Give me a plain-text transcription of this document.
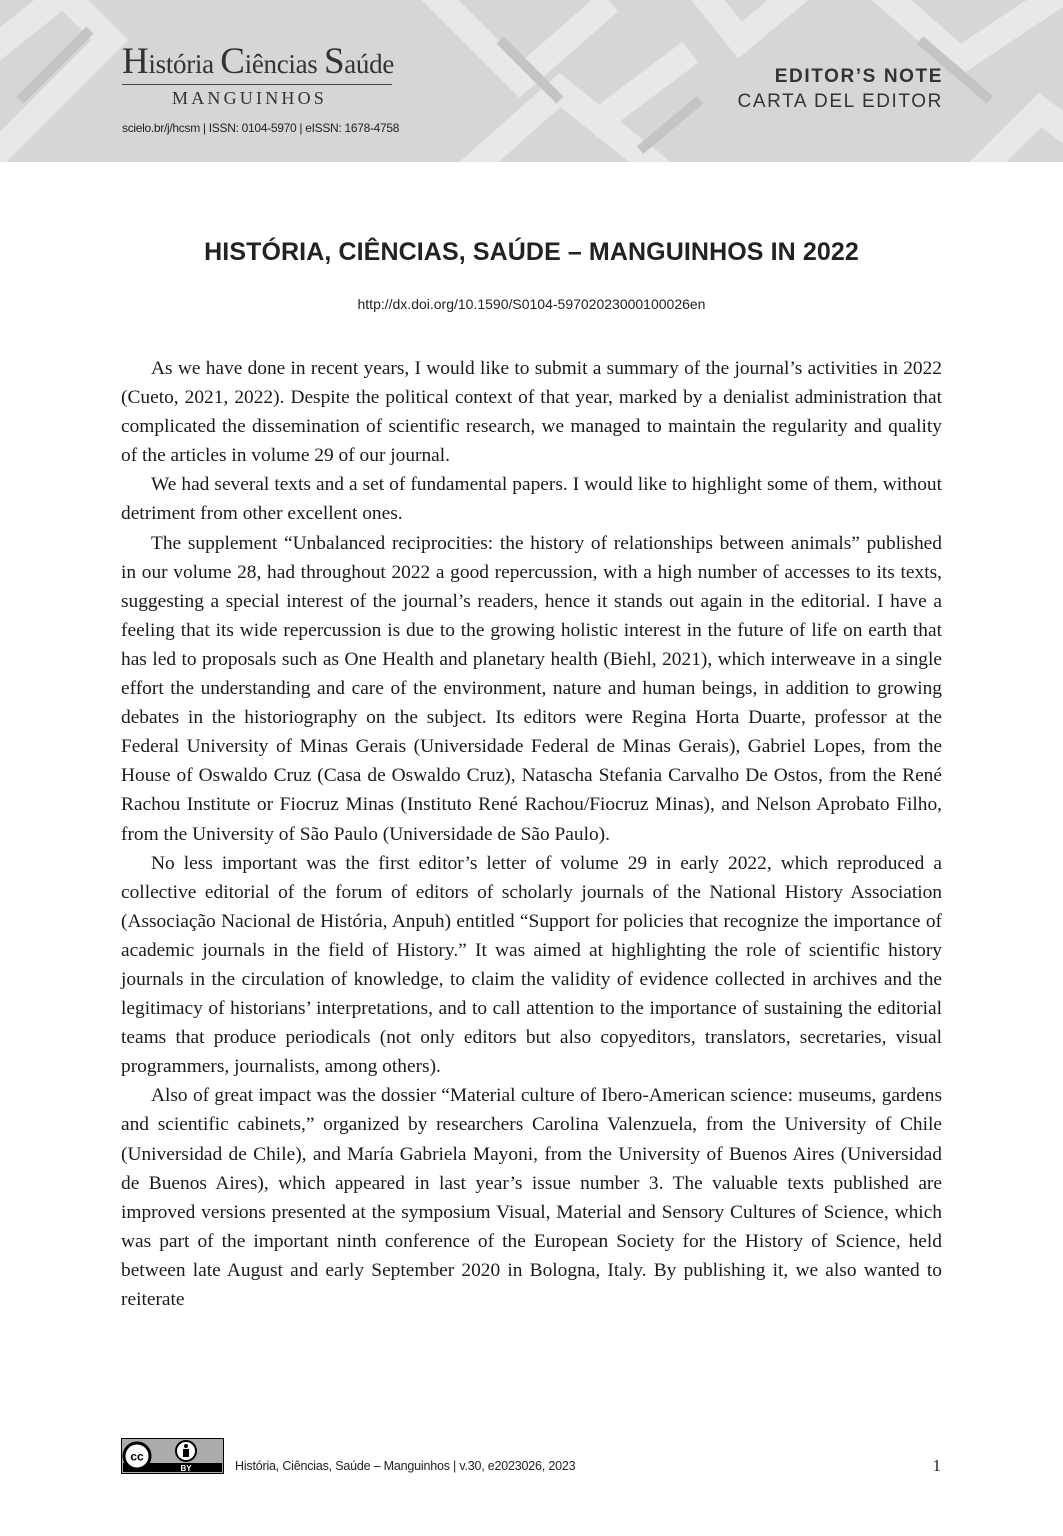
História Ciências Saúde
MANGUINHOS
scielo.br/j/hcsm | ISSN: 0104-5970 | eISSN: 1678-4758
EDITOR’S NOTE
CARTA DEL EDITOR
HISTÓRIA, CIÊNCIAS, SAÚDE – MANGUINHOS IN 2022
http://dx.doi.org/10.1590/S0104-59702023000100026en

As we have done in recent years, I would like to submit a summary of the journal’s activities in 2022 (Cueto, 2021, 2022). Despite the political context of that year, marked by a denialist administration that complicated the dissemination of scientific research, we managed to maintain the regularity and quality of the articles in volume 29 of our journal.

We had several texts and a set of fundamental papers. I would like to highlight some of them, without detriment from other excellent ones.

The supplement “Unbalanced reciprocities: the history of relationships between animals” published in our volume 28, had throughout 2022 a good repercussion, with a high number of accesses to its texts, suggesting a special interest of the journal’s readers, hence it stands out again in the editorial. I have a feeling that its wide repercussion is due to the growing holistic interest in the future of life on earth that has led to proposals such as One Health and planetary health (Biehl, 2021), which interweave in a single effort the understanding and care of the environment, nature and human beings, in addition to growing debates in the historiography on the subject. Its editors were Regina Horta Duarte, professor at the Federal University of Minas Gerais (Universidade Federal de Minas Gerais), Gabriel Lopes, from the House of Oswaldo Cruz (Casa de Oswaldo Cruz), Natascha Stefania Carvalho De Ostos, from the René Rachou Institute or Fiocruz Minas (Instituto René Rachou/Fiocruz Minas), and Nelson Aprobato Filho, from the University of São Paulo (Universidade de São Paulo).

No less important was the first editor’s letter of volume 29 in early 2022, which reproduced a collective editorial of the forum of editors of scholarly journals of the National History Association (Associação Nacional de História, Anpuh) entitled “Support for policies that recognize the importance of academic journals in the field of History.” It was aimed at highlighting the role of scientific history journals in the circulation of knowledge, to claim the validity of evidence collected in archives and the legitimacy of historians’ interpretations, and to call attention to the importance of sustaining the editorial teams that produce periodicals (not only editors but also copyeditors, translators, secretaries, visual programmers, journalists, among others).

Also of great impact was the dossier “Material culture of Ibero-American science: museums, gardens and scientific cabinets,” organized by researchers Carolina Valenzuela, from the University of Chile (Universidad de Chile), and María Gabriela Mayoni, from the University of Buenos Aires (Universidad de Buenos Aires), which appeared in last year’s issue number 3. The valuable texts published are improved versions presented at the symposium Visual, Material and Sensory Cultures of Science, which was part of the important ninth conference of the European Society for the History of Science, held between late August and early September 2020 in Bologna, Italy. By publishing it, we also wanted to reiterate

cc
BY	História, Ciências, Saúde – Manguinhos | v.30, e2023026, 2023	1
